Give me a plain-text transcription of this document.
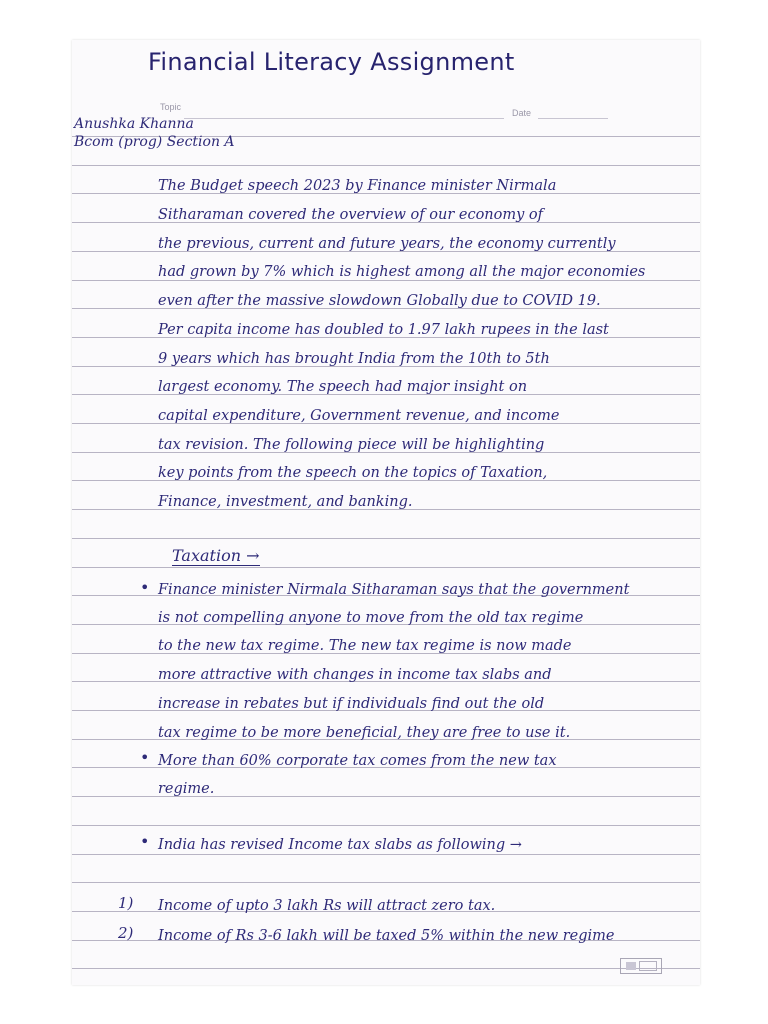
Financial Literacy Assignment
Topic
Date
Anushka Khanna
Bcom (prog) Section A
The Budget speech 2023 by Finance minister Nirmala
Sitharaman covered the overview of our economy of
the previous, current and future years, the economy currently
had grown by 7% which is highest among all the major economies
even after the massive slowdown Globally due to COVID 19.
Per capita income has doubled to 1.97 lakh rupees in the last
9 years which has brought India from the 10th to 5th
largest economy. The speech had major insight on
capital expenditure, Government revenue, and income
tax revision. The following piece will be highlighting
key points from the speech on the topics of Taxation,
Finance, investment, and banking.
Taxation →
• Finance minister Nirmala Sitharaman says that the government
is not compelling anyone to move from the old tax regime
to the new tax regime. The new tax regime is now made
more attractive with changes in income tax slabs and
increase in rebates but if individuals find out the old
tax regime to be more beneficial, they are free to use it.
• More than 60% corporate tax comes from the new tax
regime.
• India has revised Income tax slabs as following →
1) Income of upto 3 lakh Rs will attract zero tax.
2) Income of Rs 3-6 lakh will be taxed 5% within the new regime
